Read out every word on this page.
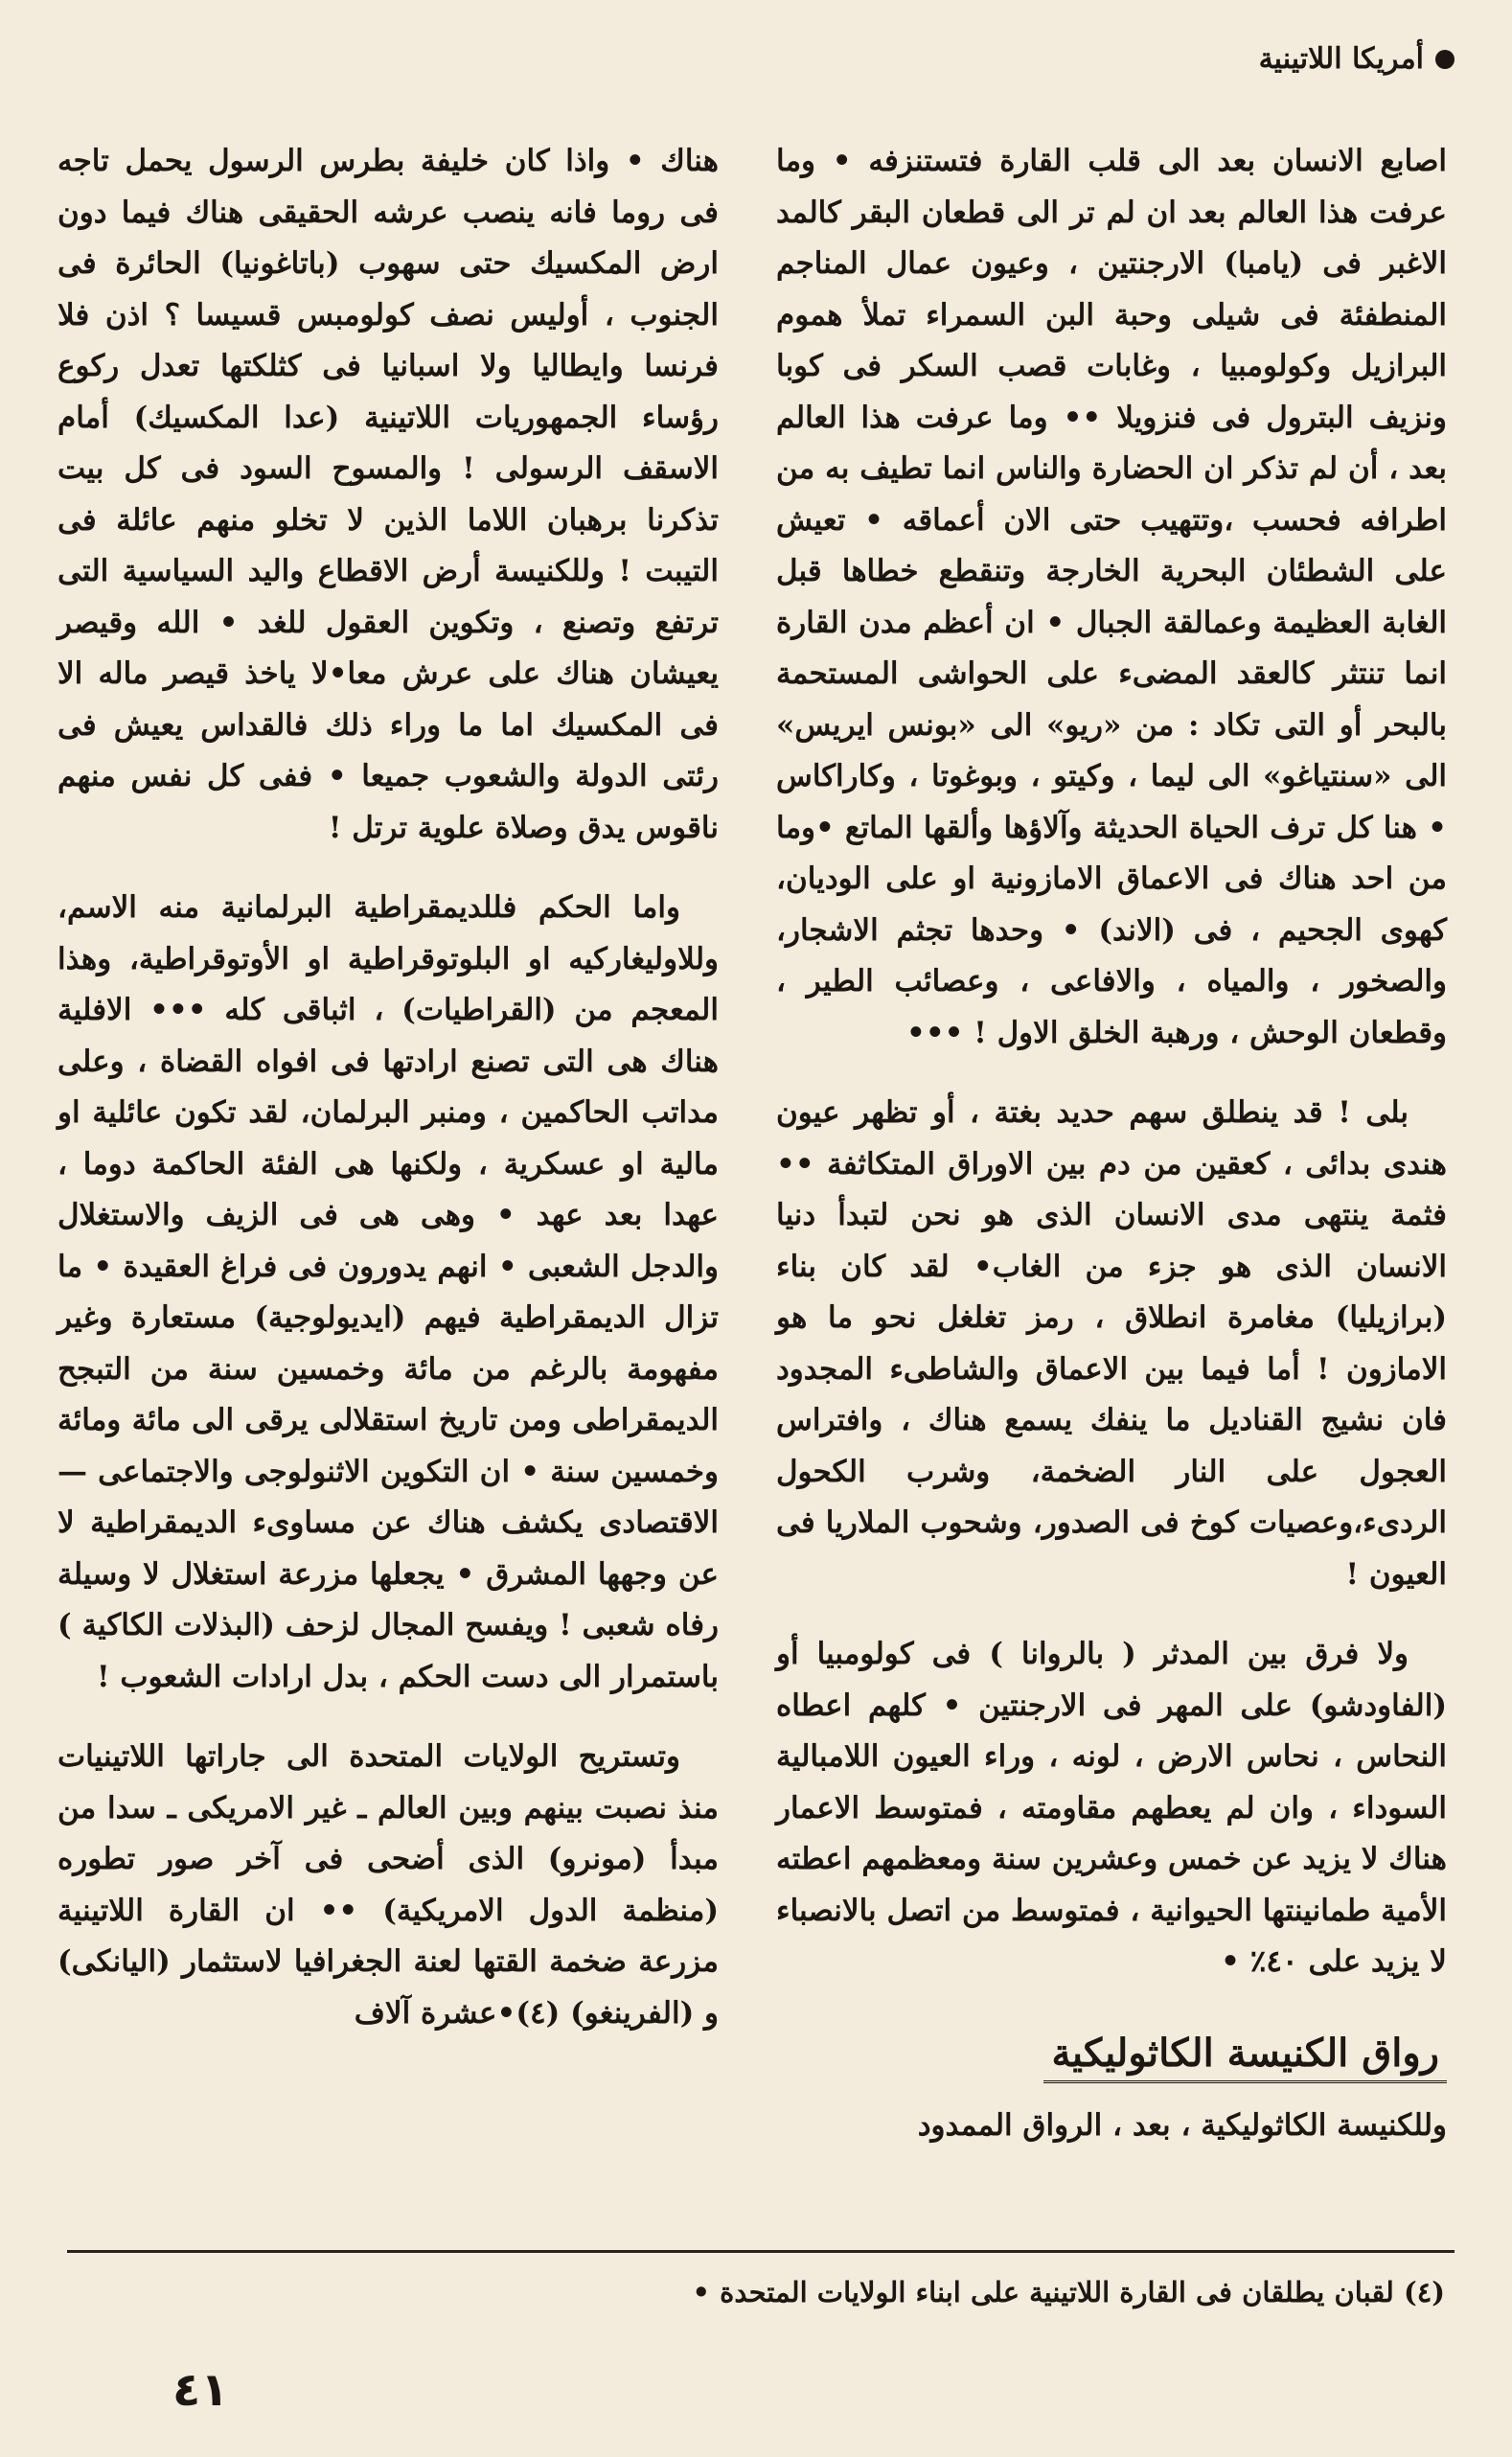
أمريكا اللاتينية

اصابع الانسان بعد الى قلب القارة فتستنزفه • وما عرفت هذا العالم بعد ان لم تر الى قطعان البقر كالمد الاغبر فى (يامبا) الارجنتين ، وعيون عمال المناجم المنطفئة فى شيلى وحبة البن السمراء تملأ هموم البرازيل وكولومبيا ، وغابات قصب السكر فى كوبا ونزيف البترول فى فنزويلا •• وما عرفت هذا العالم بعد ، أن لم تذكر ان الحضارة والناس انما تطيف به من اطرافه فحسب ،وتتهيب حتى الان أعماقه • تعيش على الشطئان البحرية الخارجة وتنقطع خطاها قبل الغابة العظيمة وعمالقة الجبال • ان أعظم مدن القارة انما تنتثر كالعقد المضىء على الحواشى المستحمة بالبحر أو التى تكاد : من «ريو» الى «بونس ايريس» الى «سنتياغو» الى ليما ، وكيتو ، وبوغوتا ، وكاراكاس • هنا كل ترف الحياة الحديثة وآلاؤها وألقها الماتع •وما من احد هناك فى الاعماق الامازونية او على الوديان، كهوى الجحيم ، فى (الاند) • وحدها تجثم الاشجار، والصخور ، والمياه ، والافاعى ، وعصائب الطير ، وقطعان الوحش ، ورهبة الخلق الاول ! •••

بلى ! قد ينطلق سهم حديد بغتة ، أو تظهر عيون هندى بدائى ، كعقين من دم بين الاوراق المتكاثفة •• فثمة ينتهى مدى الانسان الذى هو نحن لتبدأ دنيا الانسان الذى هو جزء من الغاب• لقد كان بناء (برازيليا) مغامرة انطلاق ، رمز تغلغل نحو ما هو الامازون ! أما فيما بين الاعماق والشاطىء المجدود فان نشيج القناديل ما ينفك يسمع هناك ، وافتراس العجول على النار الضخمة، وشرب الكحول الردىء،وعصيات كوخ فى الصدور، وشحوب الملاريا فى العيون !

ولا فرق بين المدثر ( بالروانا ) فى كولومبيا أو (الفاودشو) على المهر فى الارجنتين • كلهم اعطاه النحاس ، نحاس الارض ، لونه ، وراء العيون اللامبالية السوداء ، وان لم يعطهم مقاومته ، فمتوسط الاعمار هناك لا يزيد عن خمس وعشرين سنة ومعظمهم اعطته الأمية طمانينتها الحيوانية ، فمتوسط من اتصل بالانصباء لا يزيد على ٤٠٪ •

رواق الكنيسة الكاثوليكية

وللكنيسة الكاثوليكية ، بعد ، الرواق الممدود

هناك • واذا كان خليفة بطرس الرسول يحمل تاجه فى روما فانه ينصب عرشه الحقيقى هناك فيما دون ارض المكسيك حتى سهوب (باتاغونيا) الحائرة فى الجنوب ، أوليس نصف كولومبس قسيسا ؟ اذن فلا فرنسا وايطاليا ولا اسبانيا فى كثلكتها تعدل ركوع رؤساء الجمهوريات اللاتينية (عدا المكسيك) أمام الاسقف الرسولى ! والمسوح السود فى كل بيت تذكرنا برهبان اللاما الذين لا تخلو منهم عائلة فى التيبت ! وللكنيسة أرض الاقطاع واليد السياسية التى ترتفع وتصنع ، وتكوين العقول للغد • الله وقيصر يعيشان هناك على عرش معا•لا ياخذ قيصر ماله الا فى المكسيك اما ما وراء ذلك فالقداس يعيش فى رئتى الدولة والشعوب جميعا • ففى كل نفس منهم ناقوس يدق وصلاة علوية ترتل !

واما الحكم فللديمقراطية البرلمانية منه الاسم، وللاوليغاركيه او البلوتوقراطية او الأوتوقراطية، وهذا المعجم من (القراطيات) ، اثباقى كله ••• الافلية هناك هى التى تصنع ارادتها فى افواه القضاة ، وعلى مداتب الحاكمين ، ومنبر البرلمان، لقد تكون عائلية او مالية او عسكرية ، ولكنها هى الفئة الحاكمة دوما ، عهدا بعد عهد • وهى هى فى الزيف والاستغلال والدجل الشعبى • انهم يدورون فى فراغ العقيدة • ما تزال الديمقراطية فيهم (ايديولوجية) مستعارة وغير مفهومة بالرغم من مائة وخمسين سنة من التبجح الديمقراطى ومن تاريخ استقلالى يرقى الى مائة ومائة وخمسين سنة • ان التكوين الاثنولوجى والاجتماعى — الاقتصادى يكشف هناك عن مساوىء الديمقراطية لا عن وجهها المشرق • يجعلها مزرعة استغلال لا وسيلة رفاه شعبى ! ويفسح المجال لزحف (البذلات الكاكية ) باستمرار الى دست الحكم ، بدل ارادات الشعوب !

وتستريح الولايات المتحدة الى جاراتها اللاتينيات منذ نصبت بينهم وبين العالم ـ غير الامريكى ـ سدا من مبدأ (مونرو) الذى أضحى فى آخر صور تطوره (منظمة الدول الامريكية) •• ان القارة اللاتينية مزرعة ضخمة القتها لعنة الجغرافيا لاستثمار (اليانكى) و (الفرينغو) (٤)•عشرة آلاف

(٤) لقبان يطلقان فى القارة اللاتينية على ابناء الولايات المتحدة •
٤١
